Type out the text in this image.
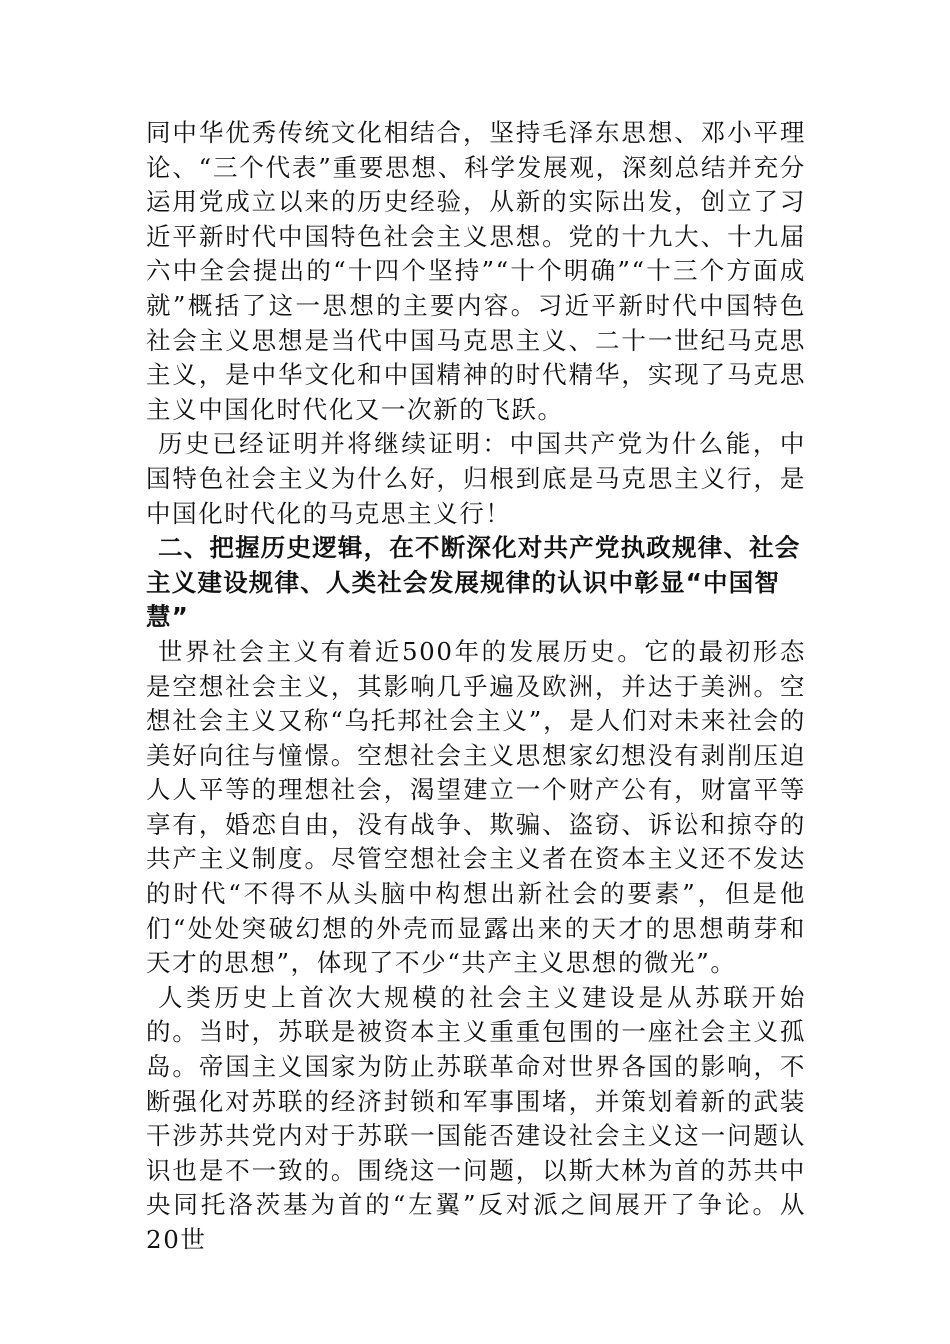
同中华优秀传统文化相结合，坚持毛泽东思想、邓小平理论、“三个代表”重要思想、科学发展观，深刻总结并充分运用党成立以来的历史经验，从新的实际出发，创立了习近平新时代中国特色社会主义思想。党的十九大、十九届六中全会提出的“十四个坚持”“十个明确”“十三个方面成就”概括了这一思想的主要内容。习近平新时代中国特色社会主义思想是当代中国马克思主义、二十一世纪马克思主义，是中华文化和中国精神的时代精华，实现了马克思主义中国化时代化又一次新的飞跃。

历史已经证明并将继续证明：中国共产党为什么能，中国特色社会主义为什么好，归根到底是马克思主义行，是中国化时代化的马克思主义行！

二、把握历史逻辑，在不断深化对共产党执政规律、社会主义建设规律、人类社会发展规律的认识中彰显“中国智慧”

世界社会主义有着近500年的发展历史。它的最初形态是空想社会主义，其影响几乎遍及欧洲，并达于美洲。空想社会主义又称“乌托邦社会主义”，是人们对未来社会的美好向往与憧憬。空想社会主义思想家幻想没有剥削压迫人人平等的理想社会，渴望建立一个财产公有，财富平等享有，婚恋自由，没有战争、欺骗、盗窃、诉讼和掠夺的共产主义制度。尽管空想社会主义者在资本主义还不发达的时代“不得不从头脑中构想出新社会的要素”，但是他们“处处突破幻想的外壳而显露出来的天才的思想萌芽和天才的思想”，体现了不少“共产主义思想的微光”。

人类历史上首次大规模的社会主义建设是从苏联开始的。当时，苏联是被资本主义重重包围的一座社会主义孤岛。帝国主义国家为防止苏联革命对世界各国的影响，不断强化对苏联的经济封锁和军事围堵，并策划着新的武装干涉苏共党内对于苏联一国能否建设社会主义这一问题认识也是不一致的。围绕这一问题，以斯大林为首的苏共中央同托洛茨基为首的“左翼”反对派之间展开了争论。从20世
